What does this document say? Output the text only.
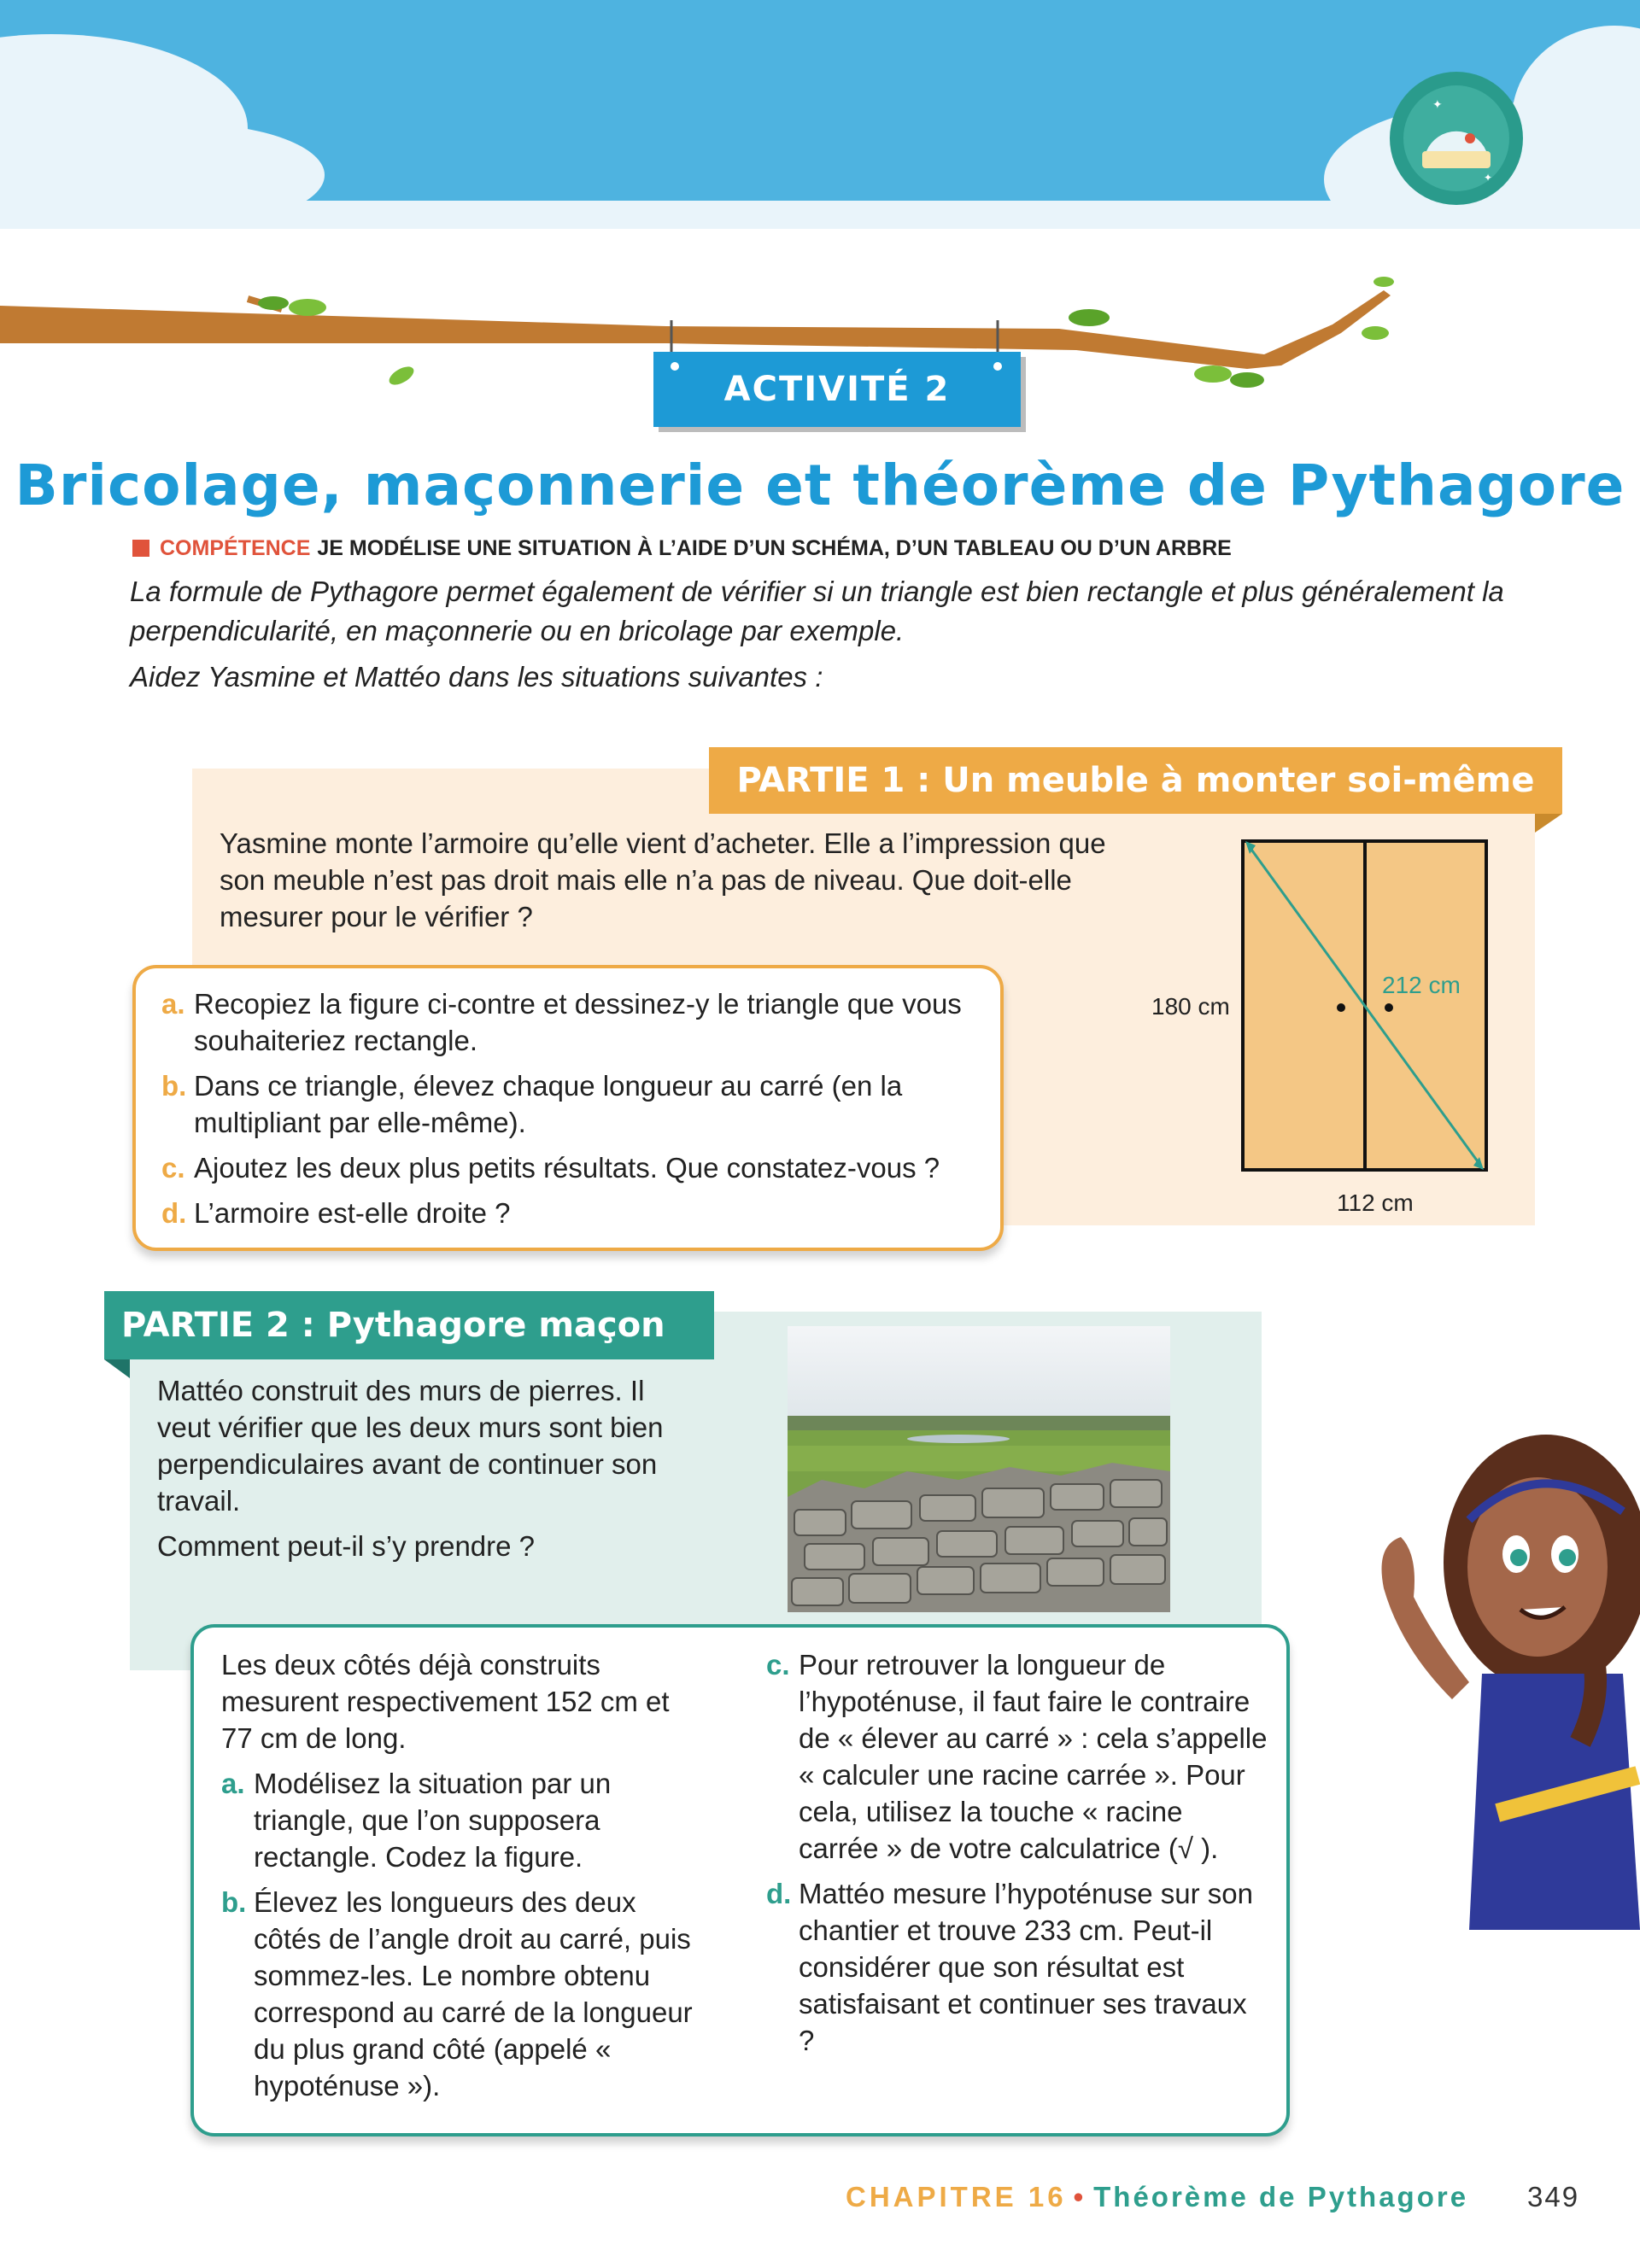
✦
✦
ACTIVITÉ 2
Bricolage, maçonnerie et théorème de Pythagore
COMPÉTENCE JE MODÉLISE UNE SITUATION À L’AIDE D’UN SCHÉMA, D’UN TABLEAU OU D’UN ARBRE

La formule de Pythagore permet également de vérifier si un triangle est bien rectangle et plus généralement la perpendicularité, en maçonnerie ou en bricolage par exemple.

Aidez Yasmine et Mattéo dans les situations suivantes :

PARTIE 1 : Un meuble à monter soi-même
Yasmine monte l’armoire qu’elle vient d’acheter. Elle a l’impression que son meuble n’est pas droit mais elle n’a pas de niveau. Que doit-elle mesurer pour le vérifier ?

a. Recopiez la figure ci-contre et dessinez-y le triangle que vous souhaiteriez rectangle.

b. Dans ce triangle, élevez chaque longueur au carré (en la multipliant par elle-même).

c. Ajoutez les deux plus petits résultats. Que constatez-vous ?

d. L’armoire est-elle droite ?

180 cm
212 cm
112 cm
PARTIE 2 : Pythagore maçon

Mattéo construit des murs de pierres. Il veut vérifier que les deux murs sont bien perpendiculaires avant de continuer son travail.

Comment peut-il s’y prendre ?

Les deux côtés déjà construits mesurent respectivement 152 cm et 77 cm de long.

a. Modélisez la situation par un triangle, que l’on supposera rectangle. Codez la figure.

b. Élevez les longueurs des deux côtés de l’angle droit au carré, puis sommez-les. Le nombre obtenu correspond au carré de la longueur du plus grand côté (appelé « hypoténuse »).

c. Pour retrouver la longueur de l’hypoténuse, il faut faire le contraire de « élever au carré » : cela s’appelle « calculer une racine carrée ». Pour cela, utilisez la touche « racine carrée » de votre calculatrice (√ ).

d. Mattéo mesure l’hypoténuse sur son chantier et trouve 233 cm. Peut-il considérer que son résultat est satisfaisant et continuer ses travaux ?

CHAPITRE 16 • Théorème de Pythagore 349
